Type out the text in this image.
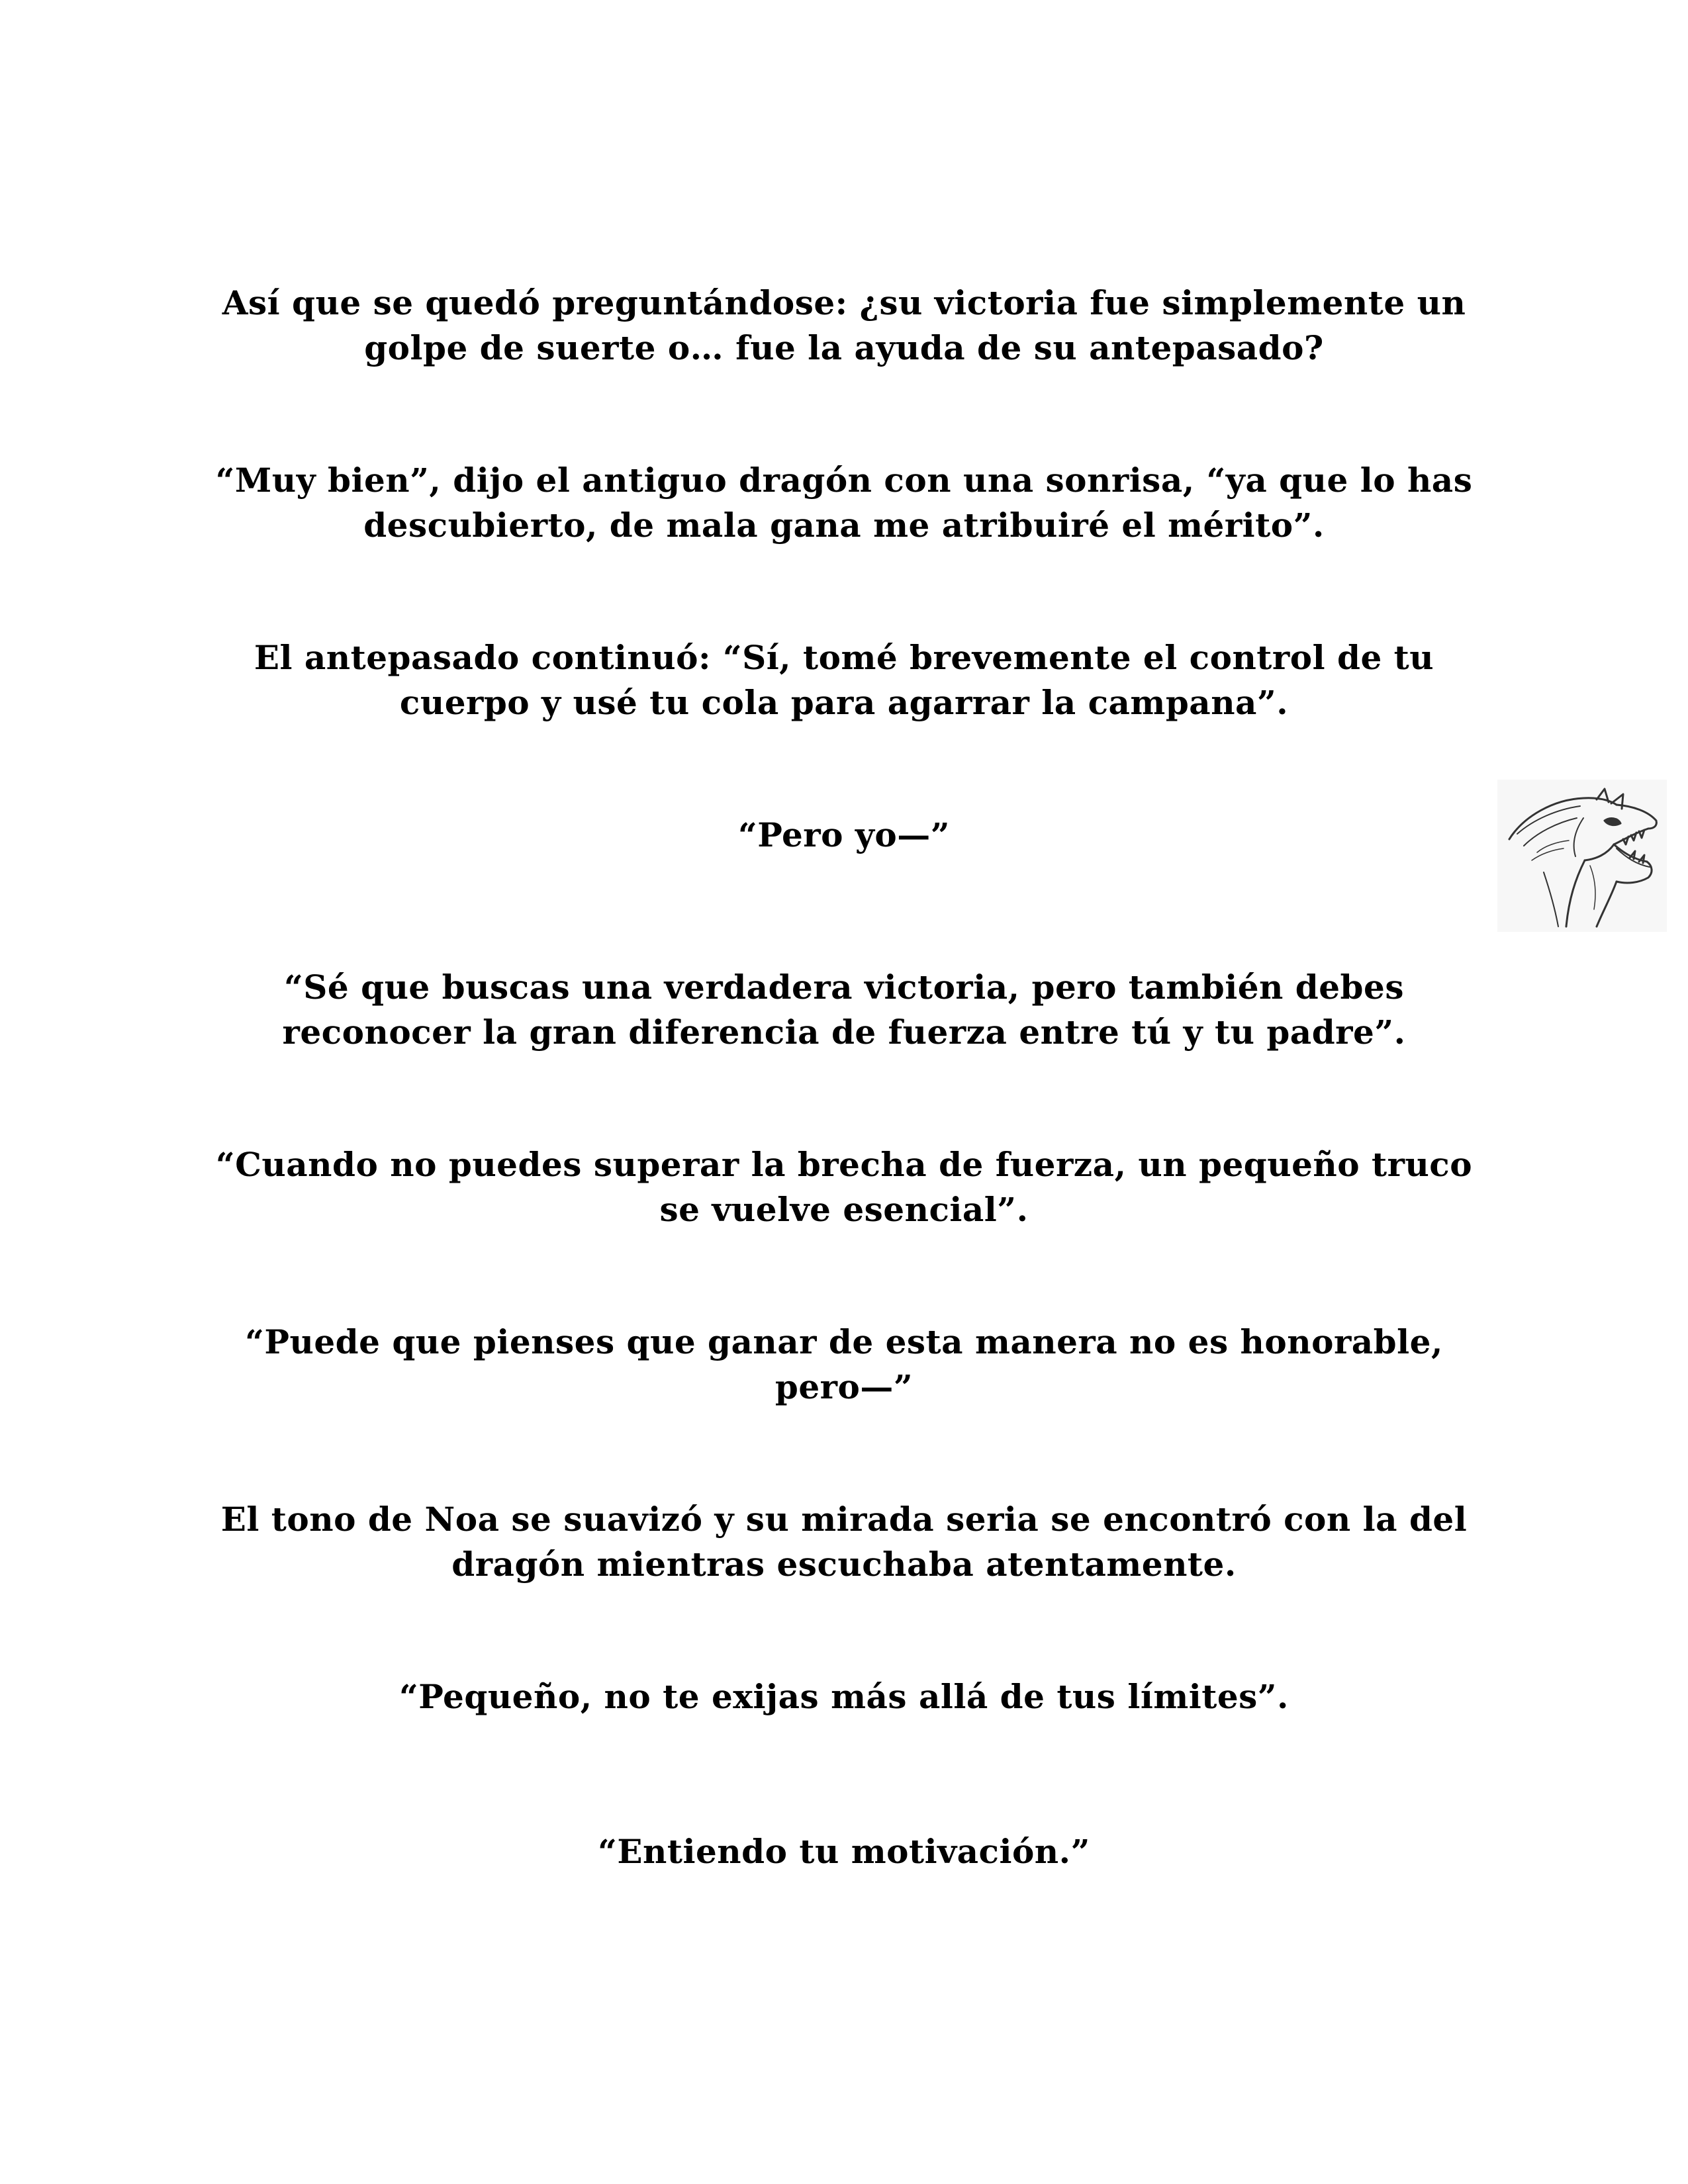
Así que se quedó preguntándose: ¿su victoria fue simplemente un golpe de suerte o… fue la ayuda de su antepasado?

“Muy bien”, dijo el antiguo dragón con una sonrisa, “ya que lo has descubierto, de mala gana me atribuiré el mérito”.

El antepasado continuó: “Sí, tomé brevemente el control de tu cuerpo y usé tu cola para agarrar la campana”.

“Pero yo—”

“Sé que buscas una verdadera victoria, pero también debes reconocer la gran diferencia de fuerza entre tú y tu padre”.

“Cuando no puedes superar la brecha de fuerza, un pequeño truco se vuelve esencial”.

“Puede que pienses que ganar de esta manera no es honorable, pero—”

El tono de Noa se suavizó y su mirada seria se encontró con la del dragón mientras escuchaba atentamente.

“Pequeño, no te exijas más allá de tus límites”.

“Entiendo tu motivación.”
